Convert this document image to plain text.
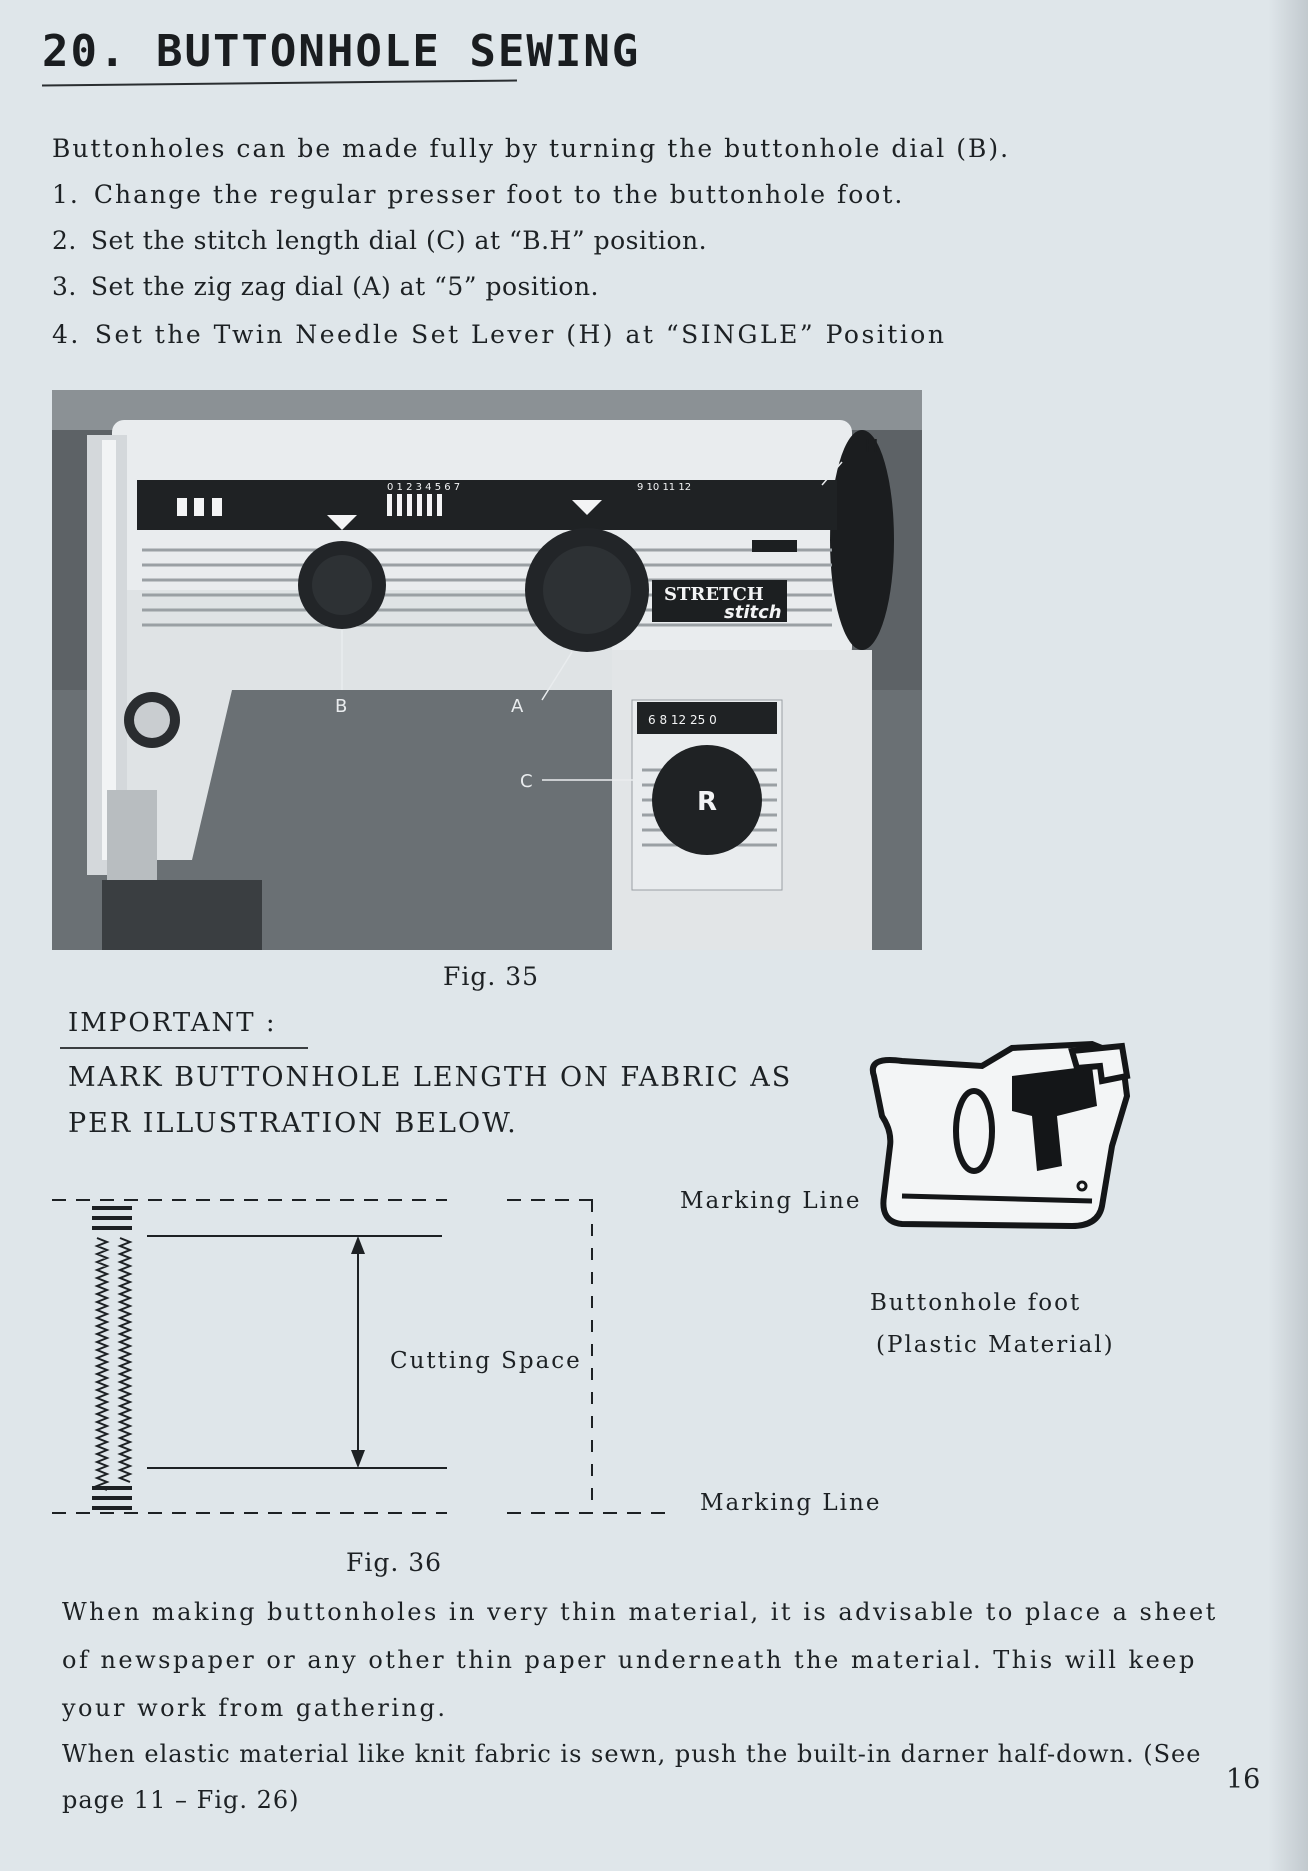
20. BUTTONHOLE SEWING
Buttonholes can be made fully by turning the buttonhole dial (B).
1. Change the regular presser foot to the buttonhole foot.
2. Set the stitch length dial (C) at “B.H” position.
3. Set the zig zag dial (A) at “5” position.
4. Set the Twin Needle Set Lever (H) at “SINGLE” Position
0 1 2 3 4 5 6 7	9 10 11 12
STRETCH
stitch
6 8 12 25 0
R
B	A
C
H
Fig. 35
IMPORTANT :
MARK BUTTONHOLE LENGTH ON FABRIC AS
PER ILLUSTRATION BELOW.
Buttonhole foot
(Plastic Material)
Marking Line
Cutting Space
Marking Line
Fig. 36
When making buttonholes in very thin material, it is advisable to place a sheet
of newspaper or any other thin paper underneath the material. This will keep
your work from gathering.
When elastic material like knit fabric is sewn, push the built-in darner half-down. (See
page 11 – Fig. 26)
16
